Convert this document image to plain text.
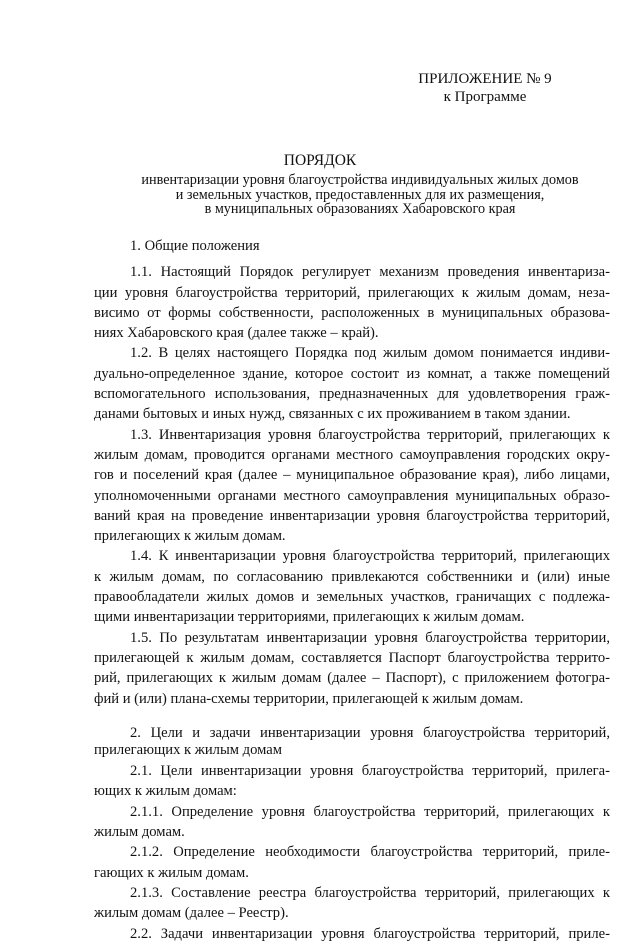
ПРИЛОЖЕНИЕ № 9
к Программе
ПОРЯДОК
инвентаризации уровня благоустройства индивидуальных жилых домов
и земельных участков, предоставленных для их размещения,
в муниципальных образованиях Хабаровского края
1. Общие положения
1.1. Настоящий Порядок регулирует механизм проведения инвентаризa-
ции уровня благоустройства территорий, прилегающих к жилым домам, неза-
висимо от формы собственности, расположенных в муниципальных образова-
ниях Хабаровского края (далее также – край).
1.2. В целях настоящего Порядка под жилым домом понимается индиви-
дуально-определенное здание, которое состоит из комнат, а также помещений
вспомогательного использования, предназначенных для удовлетворения граж-
данами бытовых и иных нужд, связанных с их проживанием в таком здании.
1.3. Инвентаризация уровня благоустройства территорий, прилегающих к
жилым домам, проводится органами местного самоуправления городских окру-
гов и поселений края (далее – муниципальное образование края), либо лицами,
уполномоченными органами местного самоуправления муниципальных образо-
ваний края на проведение инвентаризации уровня благоустройства территорий,
прилегающих к жилым домам.
1.4. К инвентаризации уровня благоустройства территорий, прилегающих
к жилым домам, по согласованию привлекаются собственники и (или) иные
правообладатели жилых домов и земельных участков, граничащих с подлежа-
щими инвентаризации территориями, прилегающих к жилым домам.
1.5. По результатам инвентаризации уровня благоустройства территории,
прилегающей к жилым домам, составляется Паспорт благоустройства террито-
рий, прилегающих к жилым домам (далее – Паспорт), с приложением фотогра-
фий и (или) плана-схемы территории, прилегающей к жилым домам.
2. Цели и задачи инвентаризации уровня благоустройства территорий,
прилегающих к жилым домам
2.1. Цели инвентаризации уровня благоустройства территорий, прилега-
ющих к жилым домам:
2.1.1. Определение уровня благоустройства территорий, прилегающих к
жилым домам.
2.1.2. Определение необходимости благоустройства территорий, приле-
гающих к жилым домам.
2.1.3. Составление реестра благоустройства территорий, прилегающих к
жилым домам (далее – Реестр).
2.2. Задачи инвентаризации уровня благоустройства территорий, приле-
